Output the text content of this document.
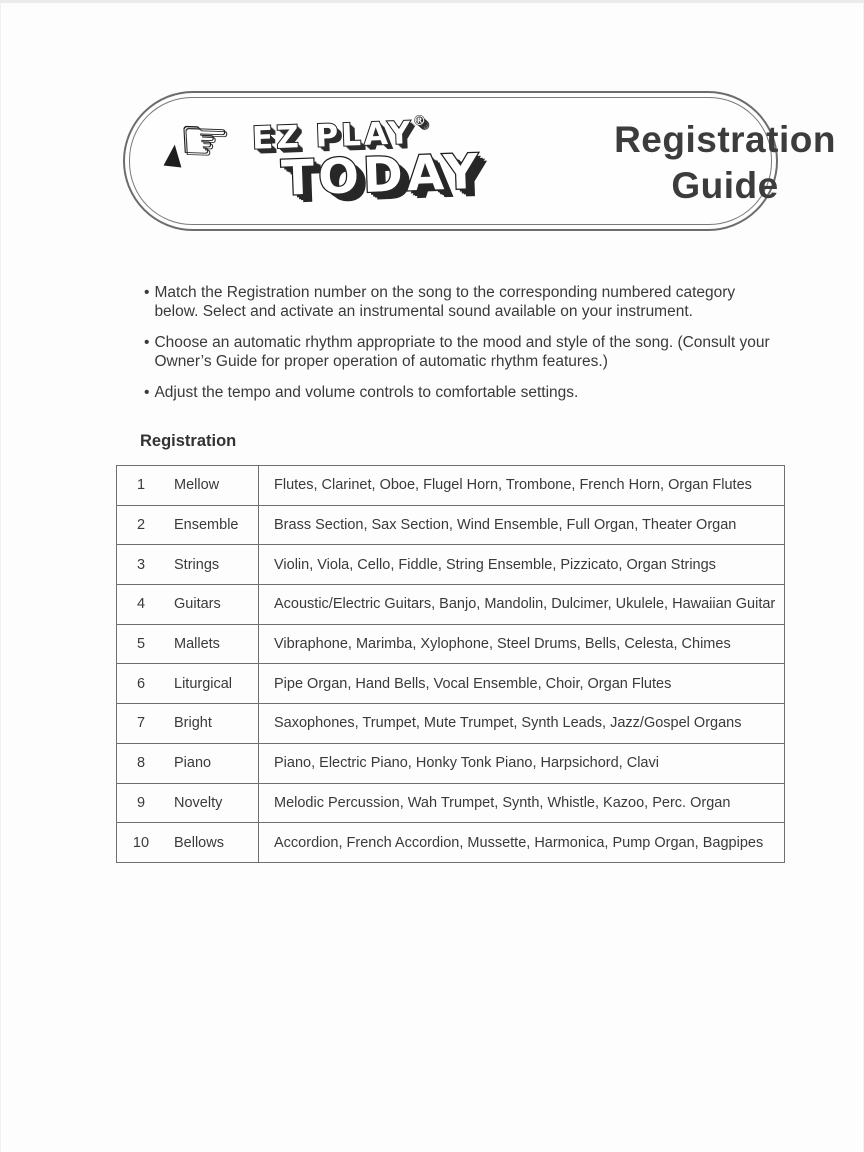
☞ EZ PLAY®
TODAY
Registration
Guide
• Match the Registration number on the song to the corresponding numbered category below. Select and activate an instrumental sound available on your instrument.
• Choose an automatic rhythm appropriate to the mood and style of the song. (Consult your Owner’s Guide for proper operation of automatic rhythm features.)
• Adjust the tempo and volume controls to comfortable settings.
Registration
1 Mellow	Flutes, Clarinet, Oboe, Flugel Horn, Trombone, French Horn, Organ Flutes
2 Ensemble	Brass Section, Sax Section, Wind Ensemble, Full Organ, Theater Organ
3 Strings	Violin, Viola, Cello, Fiddle, String Ensemble, Pizzicato, Organ Strings
4 Guitars	Acoustic/Electric Guitars, Banjo, Mandolin, Dulcimer, Ukulele, Hawaiian Guitar
5 Mallets	Vibraphone, Marimba, Xylophone, Steel Drums, Bells, Celesta, Chimes
6 Liturgical	Pipe Organ, Hand Bells, Vocal Ensemble, Choir, Organ Flutes
7 Bright	Saxophones, Trumpet, Mute Trumpet, Synth Leads, Jazz/Gospel Organs
8 Piano	Piano, Electric Piano, Honky Tonk Piano, Harpsichord, Clavi
9 Novelty	Melodic Percussion, Wah Trumpet, Synth, Whistle, Kazoo, Perc. Organ
10 Bellows	Accordion, French Accordion, Mussette, Harmonica, Pump Organ, Bagpipes
